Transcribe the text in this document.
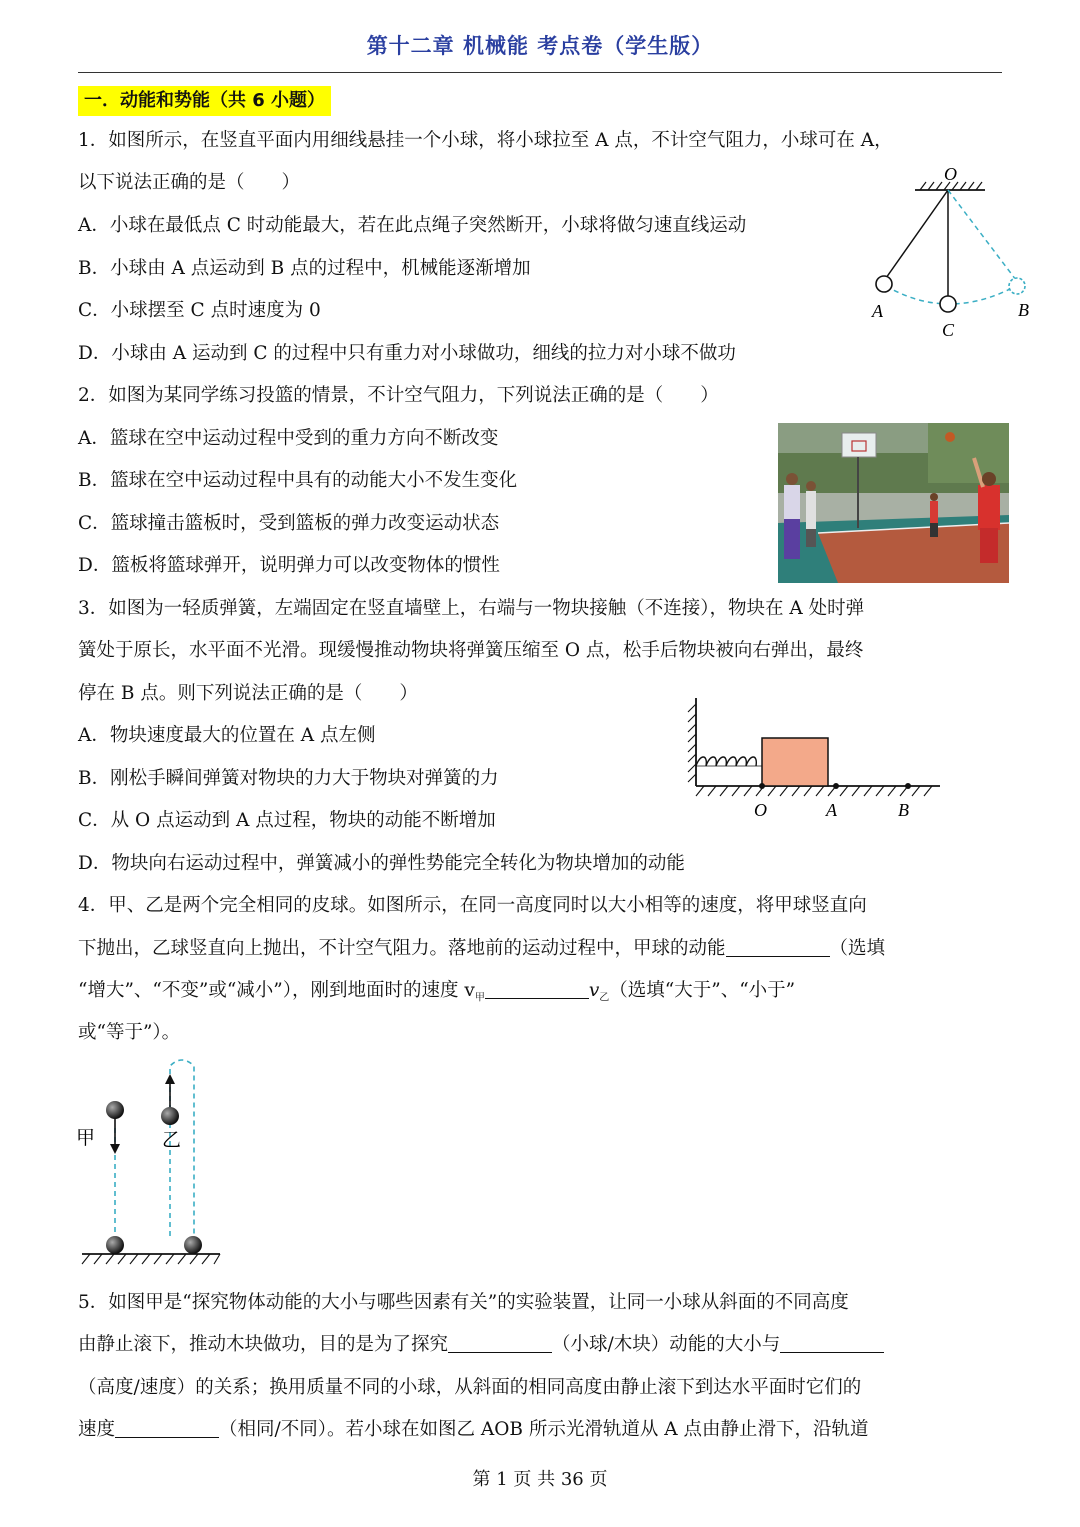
第十二章 机械能 考点卷（学生版）
一．动能和势能（共 6 小题）
1．如图所示，在竖直平面内用细线悬挂一个小球，将小球拉至 A 点，不计空气阻力，小球可在 A，
以下说法正确的是（　　）
A．小球在最低点 C 时动能最大，若在此点绳子突然断开，小球将做匀速直线运动
B．小球由 A 点运动到 B 点的过程中，机械能逐渐增加
C．小球摆至 C 点时速度为 0
D．小球由 A 运动到 C 的过程中只有重力对小球做功，细线的拉力对小球不做功
2．如图为某同学练习投篮的情景，不计空气阻力，下列说法正确的是（　　）
A．篮球在空中运动过程中受到的重力方向不断改变
B．篮球在空中运动过程中具有的动能大小不发生变化
C．篮球撞击篮板时，受到篮板的弹力改变运动状态
D．篮板将篮球弹开，说明弹力可以改变物体的惯性
3．如图为一轻质弹簧，左端固定在竖直墙壁上，右端与一物块接触（不连接），物块在 A 处时弹
簧处于原长，水平面不光滑。现缓慢推动物块将弹簧压缩至 O 点，松手后物块被向右弹出，最终
停在 B 点。则下列说法正确的是（　　）
A．物块速度最大的位置在 A 点左侧
B．刚松手瞬间弹簧对物块的力大于物块对弹簧的力
C．从 O 点运动到 A 点过程，物块的动能不断增加
D．物块向右运动过程中，弹簧减小的弹性势能完全转化为物块增加的动能
4．甲、乙是两个完全相同的皮球。如图所示，在同一高度同时以大小相等的速度，将甲球竖直向
下抛出，乙球竖直向上抛出，不计空气阻力。落地前的运动过程中，甲球的动能	（选填
“增大”、“不变”或“减小”），刚到地面时的速度 $v_甲$	$v_乙$（选填“大于”、“小于”
或“等于”）。
5．如图甲是“探究物体动能的大小与哪些因素有关”的实验装置，让同一小球从斜面的不同高度
由静止滚下，推动木块做功，目的是为了探究	（小球/木块）动能的大小与
（高度/速度）的关系；换用质量不同的小球，从斜面的相同高度由静止滚下到达水平面时它们的
速度	（相同/不同）。若小球在如图乙 AOB 所示光滑轨道从 A 点由静止滑下，沿轨道
O
A
C
B
O	A	B
甲	乙
第 1 页 共 36 页
